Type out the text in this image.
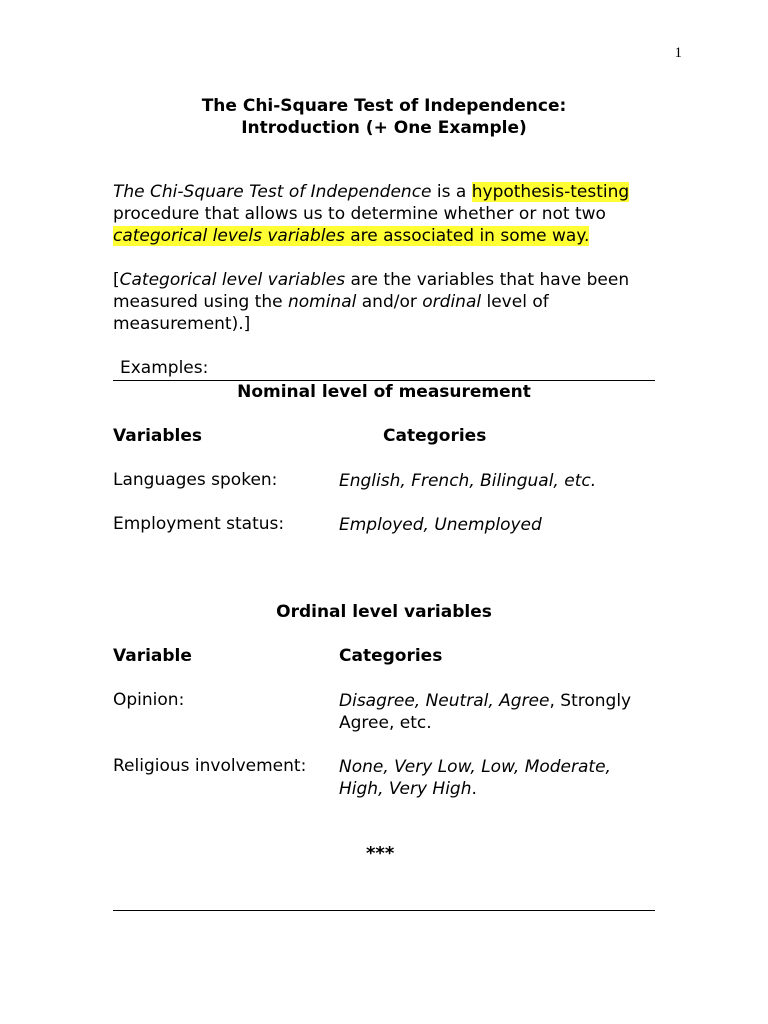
1
The Chi-Square Test of Independence:
Introduction (+ One Example)
The Chi-Square Test of Independence is a hypothesis-testing
procedure that allows us to determine whether or not two
categorical levels variables are associated in some way.
[Categorical level variables are the variables that have been
measured using the nominal and/or ordinal level of
measurement).]
Examples:
Nominal level of measurement
Variables	Categories
Languages spoken:	English, French, Bilingual, etc.
Employment status:	Employed, Unemployed
Ordinal level variables
Variable	Categories
Opinion:	Disagree, Neutral, Agree, Strongly
Agree, etc.
Religious involvement: None, Very Low, Low, Moderate,
High, Very High.
***
